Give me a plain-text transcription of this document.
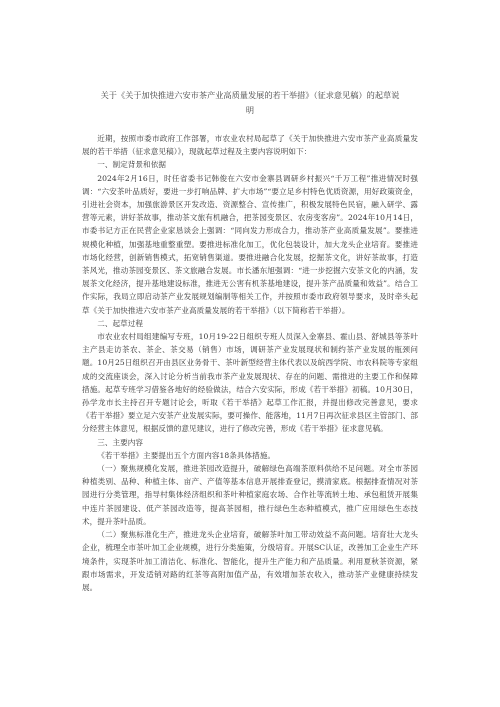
关于《关于加快推进六安市茶产业高质量发展的若干举措》（征求意见稿）的起草说
明

近期，按照市委市政府工作部署，市农业农村局起草了《关于加快推进六安市茶产业高质量发展的若干举措（征求意见稿）》，现就起草过程及主要内容说明如下：

一、制定背景和依据

2024年2月16日，时任省委书记韩俊在六安市金寨县调研乡村振兴“千万工程”推进情况时强调：“六安茶叶品质好，要进一步打响品牌、扩大市场”“要立足乡村特色优质资源，用好政策资金，引进社会资本，加强旅游景区开发改造、资源整合、宣传推广，积极发展特色民宿，融入研学、露营等元素，讲好茶故事，推动茶文旅有机融合，把茶园变景区、农房变客房”。2024年10月14日，市委书记方正在民营企业家恳谈会上强调：“同向发力形成合力，推动茶产业高质量发展”。要推进规模化种植，加强基地重整重塑。要推进标准化加工，优化包装设计，加大龙头企业培育。要推进市场化经营，创新销售模式，拓宽销售渠道。要推进融合化发展，挖掘茶文化，讲好茶故事，打造茶风光，推动茶园变景区、茶文旅融合发展。市长潘东旭强调：“进一步挖掘六安茶文化的内涵，发展茶文化经济，提升基地建设标准，推进无公害有机茶基地建设，提升茶产品质量和效益”。结合工作实际，我局立即启动茶产业发展规划编制等相关工作，并按照市委市政府领导要求，及时牵头起草《关于加快推进六安市茶产业高质量发展的若干举措》（以下简称若干举措）。

二、起草过程

市农业农村局组建编写专班，10月19-22日组织专班人员深入金寨县、霍山县、舒城县等茶叶主产县走访茶农、茶企、茶交易（销售）市场，调研茶产业发展现状和制约茶产业发展的瓶颈问题。10月25日组织召开由县区业务骨干、茶叶新型经营主体代表以及皖西学院、市农科院等专家组成的交流座谈会，深入讨论分析当前我市茶产业发展现状、存在的问题、需推进的主要工作和保障措施。起草专班学习借鉴各地好的经验做法，结合六安实际，形成《若干举措》初稿。10月30日，孙学龙市长主持召开专题讨论会，听取《若干举措》起草工作汇报，并提出修改完善意见，要求《若干举措》要立足六安茶产业发展实际，要可操作、能落地，11月7日再次征求县区主管部门、部分经营主体意见，根据反馈的意见建议，进行了修改完善，形成《若干举措》征求意见稿。

三、主要内容

《若干举措》主要提出五个方面内容18条具体措施。

（一）聚焦规模化发展，推进茶园改造提升，破解绿色高端茶原料供给不足问题。对全市茶园种植类别、品种、种植主体、亩产、产值等基本信息开展排查登记，摸清家底。根据排查情况对茶园进行分类管理，指导村集体经济组织和茶叶种植家庭农场、合作社等流转土地、承包租赁开展集中连片茶园建设、低产茶园改造等，提高茶园相，推行绿色生态种植模式，推广应用绿色生态技术，提升茶叶品质。

（二）聚焦标准化生产，推进龙头企业培育，破解茶叶加工带动效益不高问题。培育壮大龙头企业，梳理全市茶叶加工企业规模，进行分类施策，分级培育。开展SC认证，改善加工企业生产环境条件，实现茶叶加工清洁化、标准化、智能化，提升生产能力和产品质量。利用夏秋茶资源，紧跟市场需求，开发适销对路的红茶等高附加值产品，有效增加茶农收入，推动茶产业健康持续发展。
